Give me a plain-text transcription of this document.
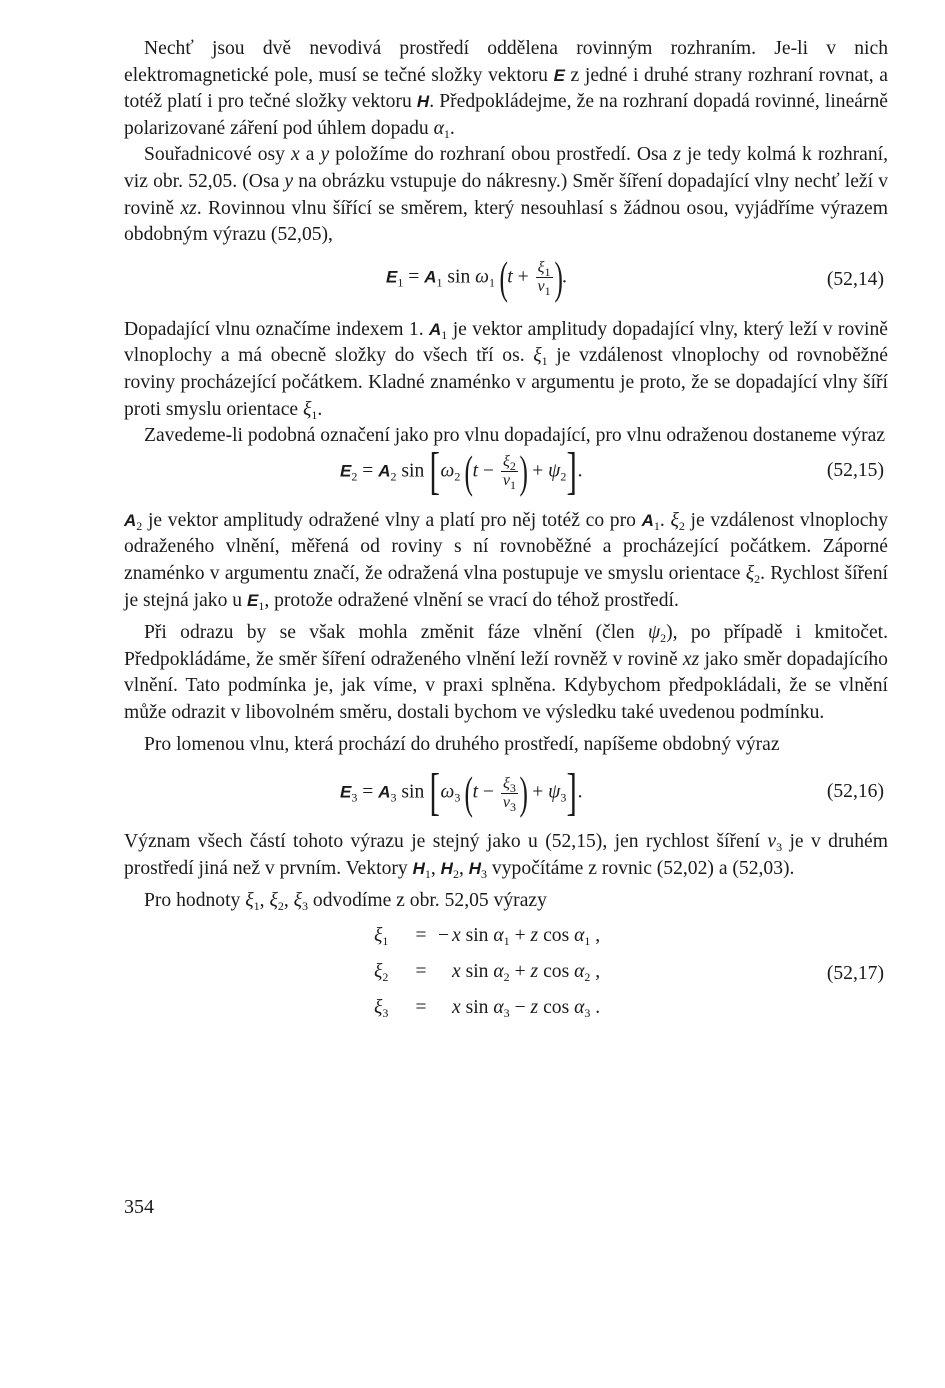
Nechť jsou dvě nevodivá prostředí oddělena rovinným rozhraním. Je-li v nich elektromagnetické pole, musí se tečné složky vektoru E z jedné i druhé strany rozhraní rovnat, a totéž platí i pro tečné složky vektoru H. Předpokládejme, že na rozhraní dopadá rovinné, lineárně polarizované záření pod úhlem dopadu $\alpha_1$.

Souřadnicové osy x a y položíme do rozhraní obou prostředí. Osa z je tedy kolmá k rozhraní, viz obr. 52,05. (Osa y na obrázku vstupuje do nákresny.) Směr šíření dopadající vlny nechť leží v rovině xz. Rovinnou vlnu šířící se směrem, který nesouhlasí s žádnou osou, vyjádříme výrazem obdobným výrazu (52,05),

$E_1 = A_1$ $\sin \omega_1$ ($t + \frac{\xi_1}{v_1}$ ).	(52,14)

Dopadající vlnu označíme indexem 1. $A_1$ je vektor amplitudy dopadající vlny, který leží v rovině vlnoplochy a má obecně složky do všech tří os. $\xi_1$ je vzdálenost vlnoplochy od rovnoběžné roviny procházející počátkem. Kladné znaménko v argumentu je proto, že se dopadající vlny šíří proti smyslu orientace $\xi_1$.

Zavedeme-li podobná označení jako pro vlnu dopadající, pro vlnu odraženou dostaneme výraz

$E_2 = A_2$ $\sin [\omega_2$ ($t - \frac{\xi_2}{v_1}$ ) + $\psi_2$].	(52,15)

$A_2$ je vektor amplitudy odražené vlny a platí pro něj totéž co pro $A_1$. $\xi_2$ je vzdálenost vlnoplochy odraženého vlnění, měřená od roviny s ní rovnoběžné a procházející počátkem. Záporné znaménko v argumentu značí, že odražená vlna postupuje ve smyslu orientace $\xi_2$. Rychlost šíření je stejná jako u $E_1$, protože odražené vlnění se vrací do téhož prostředí.

Při odrazu by se však mohla změnit fáze vlnění (člen $\psi_2$), po případě i kmitočet. Předpokládáme, že směr šíření odraženého vlnění leží rovněž v rovině xz jako směr dopadajícího vlnění. Tato podmínka je, jak víme, v praxi splněna. Kdybychom předpokládali, že se vlnění může odrazit v libovolném směru, dostali bychom ve výsledku také uvedenou podmínku.

Pro lomenou vlnu, která prochází do druhého prostředí, napíšeme obdobný výraz

$E_3 = A_3$ $\sin [\omega_3$ ($t - \frac{\xi_3}{v_3}$ ) + $\psi_3$].	(52,16)

Význam všech částí tohoto výrazu je stejný jako u (52,15), jen rychlost šíření $v_3$ je v druhém prostředí jiná než v prvním. Vektory $H_1$, $H_2$, $H_3$ vypočítáme z rovnic (52,02) a (52,03).

Pro hodnoty $\xi_1$, $\xi_2$, $\xi_3$ odvodíme z obr. 52,05 výrazy

$\xi_1$ = − x $\sin \alpha_1 + z$ $\cos \alpha_1$ ,
$\xi_2 = x$ $\sin \alpha_2 + z$ $\cos \alpha_2$ ,
$\xi_3 = x$ $\sin \alpha_3 - z$ $\cos \alpha_3$ .
(52,17)
354
